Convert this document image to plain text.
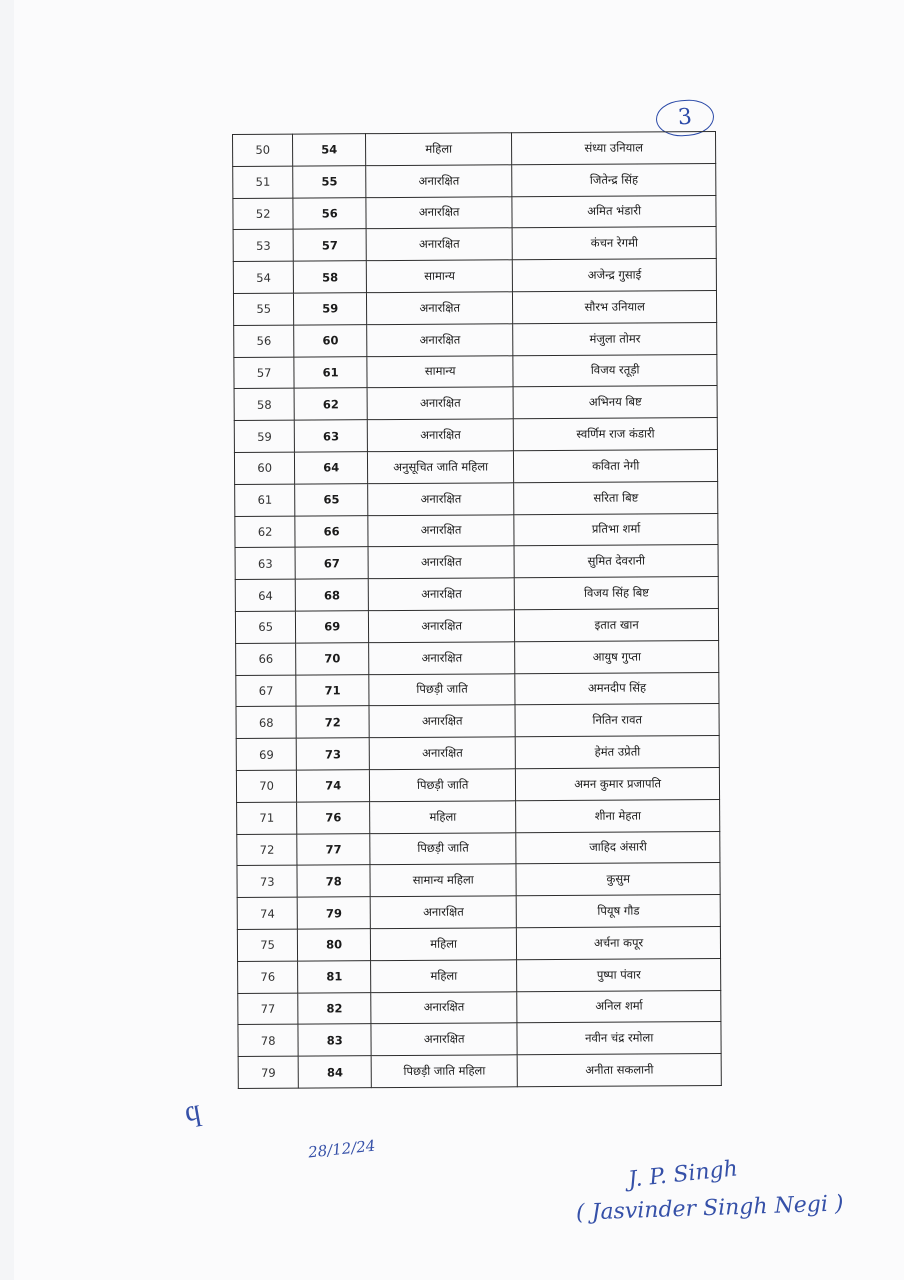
3
50	54	महिला	संध्या उनियाल
51	55	अनारक्षित	जितेन्द्र सिंह
52	56	अनारक्षित	अमित भंडारी
53	57	अनारक्षित	कंचन रेगमी
54	58	सामान्य	अजेन्द्र गुसाई
55	59	अनारक्षित	सौरभ उनियाल
56	60	अनारक्षित	मंजुला तोमर
57	61	सामान्य	विजय रतूड़ी
58	62	अनारक्षित	अभिनय बिष्ट
59	63	अनारक्षित	स्वर्णिम राज कंडारी
60	64	अनुसूचित जाति महिला	कविता नेगी
61	65	अनारक्षित	सरिता बिष्ट
62	66	अनारक्षित	प्रतिभा शर्मा
63	67	अनारक्षित	सुमित देवरानी
64	68	अनारक्षित	विजय सिंह बिष्ट
65	69	अनारक्षित	इतात खान
66	70	अनारक्षित	आयुष गुप्ता
67	71	पिछड़ी जाति	अमनदीप सिंह
68	72	अनारक्षित	नितिन रावत
69	73	अनारक्षित	हेमंत उप्रेती
70	74	पिछड़ी जाति	अमन कुमार प्रजापति
71	76	महिला	शीना मेहता
72	77	पिछड़ी जाति	जाहिद अंसारी
73	78	सामान्य महिला	कुसुम
74	79	अनारक्षित	पियूष गौड
75	80	महिला	अर्चना कपूर
76	81	महिला	पुष्पा पंवार
77	82	अनारक्षित	अनिल शर्मा
78	83	अनारक्षित	नवीन चंद्र रमोला
79	84	पिछड़ी जाति महिला	अनीता सकलानी
ϥ
28/12/24
J. P. Singh
( Jasvinder Singh Negi )
